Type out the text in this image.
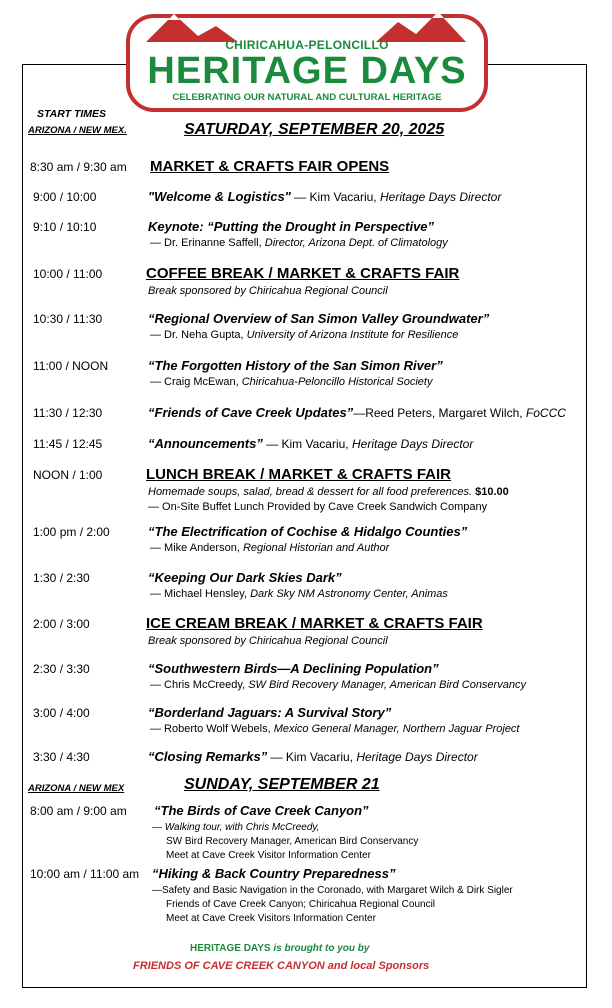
CHIRICAHUA-PELONCILLO
HERITAGE DAYS
CELEBRATING OUR NATURAL AND CULTURAL HERITAGE
START TIMES
ARIZONA / NEW MEX.	SATURDAY, SEPTEMBER 20, 2025
ARIZONA / NEW MEX	SUNDAY, SEPTEMBER 21
HERITAGE DAYS is brought to you by
FRIENDS OF CAVE CREEK CANYON and local Sponsors
8:30 am / 9:30 am MARKET & CRAFTS FAIR OPENS
9:00 / 10:00	"Welcome & Logistics" — Kim Vacariu, Heritage Days Director
9:10 / 10:10	Keynote: “Putting the Drought in Perspective”
— Dr. Erinanne Saffell, Director, Arizona Dept. of Climatology
10:00 / 11:00	COFFEE BREAK / MARKET & CRAFTS FAIR
Break sponsored by Chiricahua Regional Council
10:30 / 11:30	“Regional Overview of San Simon Valley Groundwater”
— Dr. Neha Gupta, University of Arizona Institute for Resilience
11:00 / NOON	“The Forgotten History of the San Simon River”
— Craig McEwan, Chiricahua-Peloncillo Historical Society
11:30 / 12:30	“Friends of Cave Creek Updates”—Reed Peters, Margaret Wilch, FoCCC
11:45 / 12:45	“Announcements” — Kim Vacariu, Heritage Days Director
NOON / 1:00	LUNCH BREAK / MARKET & CRAFTS FAIR
Homemade soups, salad, bread & dessert for all food preferences. $10.00
— On-Site Buffet Lunch Provided by Cave Creek Sandwich Company
1:00 pm / 2:00	“The Electrification of Cochise & Hidalgo Counties”
— Mike Anderson, Regional Historian and Author
1:30 / 2:30	“Keeping Our Dark Skies Dark”
— Michael Hensley, Dark Sky NM Astronomy Center, Animas
2:00 / 3:00	ICE CREAM BREAK / MARKET & CRAFTS FAIR
Break sponsored by Chiricahua Regional Council
2:30 / 3:30	“Southwestern Birds—A Declining Population”
— Chris McCreedy, SW Bird Recovery Manager, American Bird Conservancy
3:00 / 4:00	“Borderland Jaguars: A Survival Story”
— Roberto Wolf Webels, Mexico General Manager, Northern Jaguar Project
3:30 / 4:30	“Closing Remarks” — Kim Vacariu, Heritage Days Director
8:00 am / 9:00 am “The Birds of Cave Creek Canyon”
— Walking tour, with Chris McCreedy,
SW Bird Recovery Manager, American Bird Conservancy
Meet at Cave Creek Visitor Information Center
10:00 am / 11:00 am “Hiking & Back Country Preparedness”
—Safety and Basic Navigation in the Coronado, with Margaret Wilch & Dirk Sigler
Friends of Cave Creek Canyon; Chiricahua Regional Council
Meet at Cave Creek Visitors Information Center
